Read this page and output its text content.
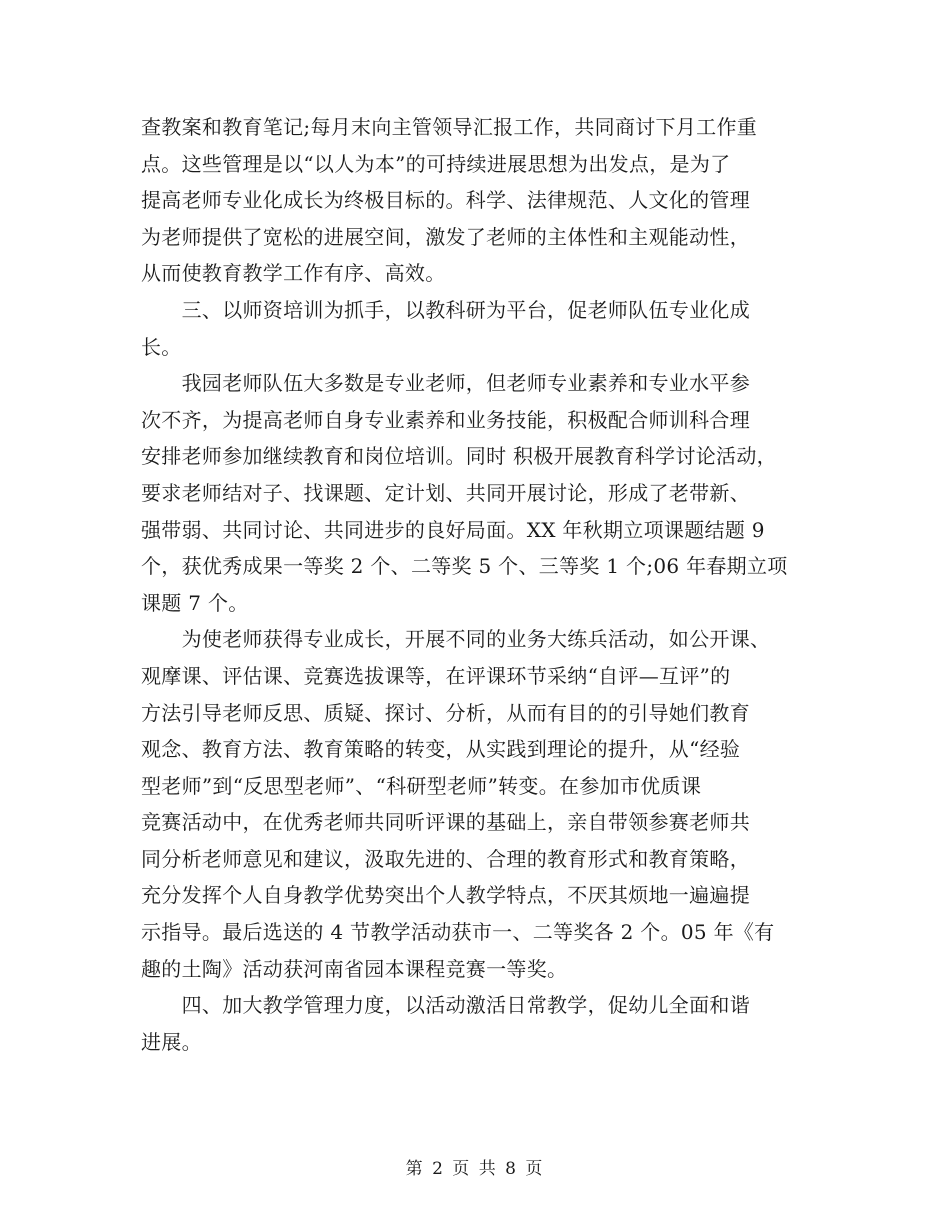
查教案和教育笔记;每月末向主管领导汇报工作，共同商讨下月工作重
点。这些管理是以“以人为本”的可持续进展思想为出发点，是为了
提高老师专业化成长为终极目标的。科学、法律规范、人文化的管理
为老师提供了宽松的进展空间，激发了老师的主体性和主观能动性，
从而使教育教学工作有序、高效。
　　三、以师资培训为抓手，以教科研为平台，促老师队伍专业化成
长。
　　我园老师队伍大多数是专业老师，但老师专业素养和专业水平参
次不齐，为提高老师自身专业素养和业务技能，积极配合师训科合理
安排老师参加继续教育和岗位培训。同时 积极开展教育科学讨论活动，
要求老师结对子、找课题、定计划、共同开展讨论，形成了老带新、
强带弱、共同讨论、共同进步的良好局面。XX 年秋期立项课题结题 9
个，获优秀成果一等奖 2 个、二等奖 5 个、三等奖 1 个;06 年春期立项
课题 7 个。
　　为使老师获得专业成长，开展不同的业务大练兵活动，如公开课、
观摩课、评估课、竞赛选拔课等，在评课环节采纳“自评—互评”的
方法引导老师反思、质疑、探讨、分析，从而有目的的引导她们教育
观念、教育方法、教育策略的转变，从实践到理论的提升，从“经验
型老师”到“反思型老师”、“科研型老师”转变。在参加市优质课
竞赛活动中，在优秀老师共同听评课的基础上，亲自带领参赛老师共
同分析老师意见和建议，汲取先进的、合理的教育形式和教育策略，
充分发挥个人自身教学优势突出个人教学特点，不厌其烦地一遍遍提
示指导。最后选送的 4 节教学活动获市一、二等奖各 2 个。05 年《有
趣的土陶》活动获河南省园本课程竞赛一等奖。
　　四、加大教学管理力度，以活动激活日常教学，促幼儿全面和谐
进展。
第 2 页 共 8 页
